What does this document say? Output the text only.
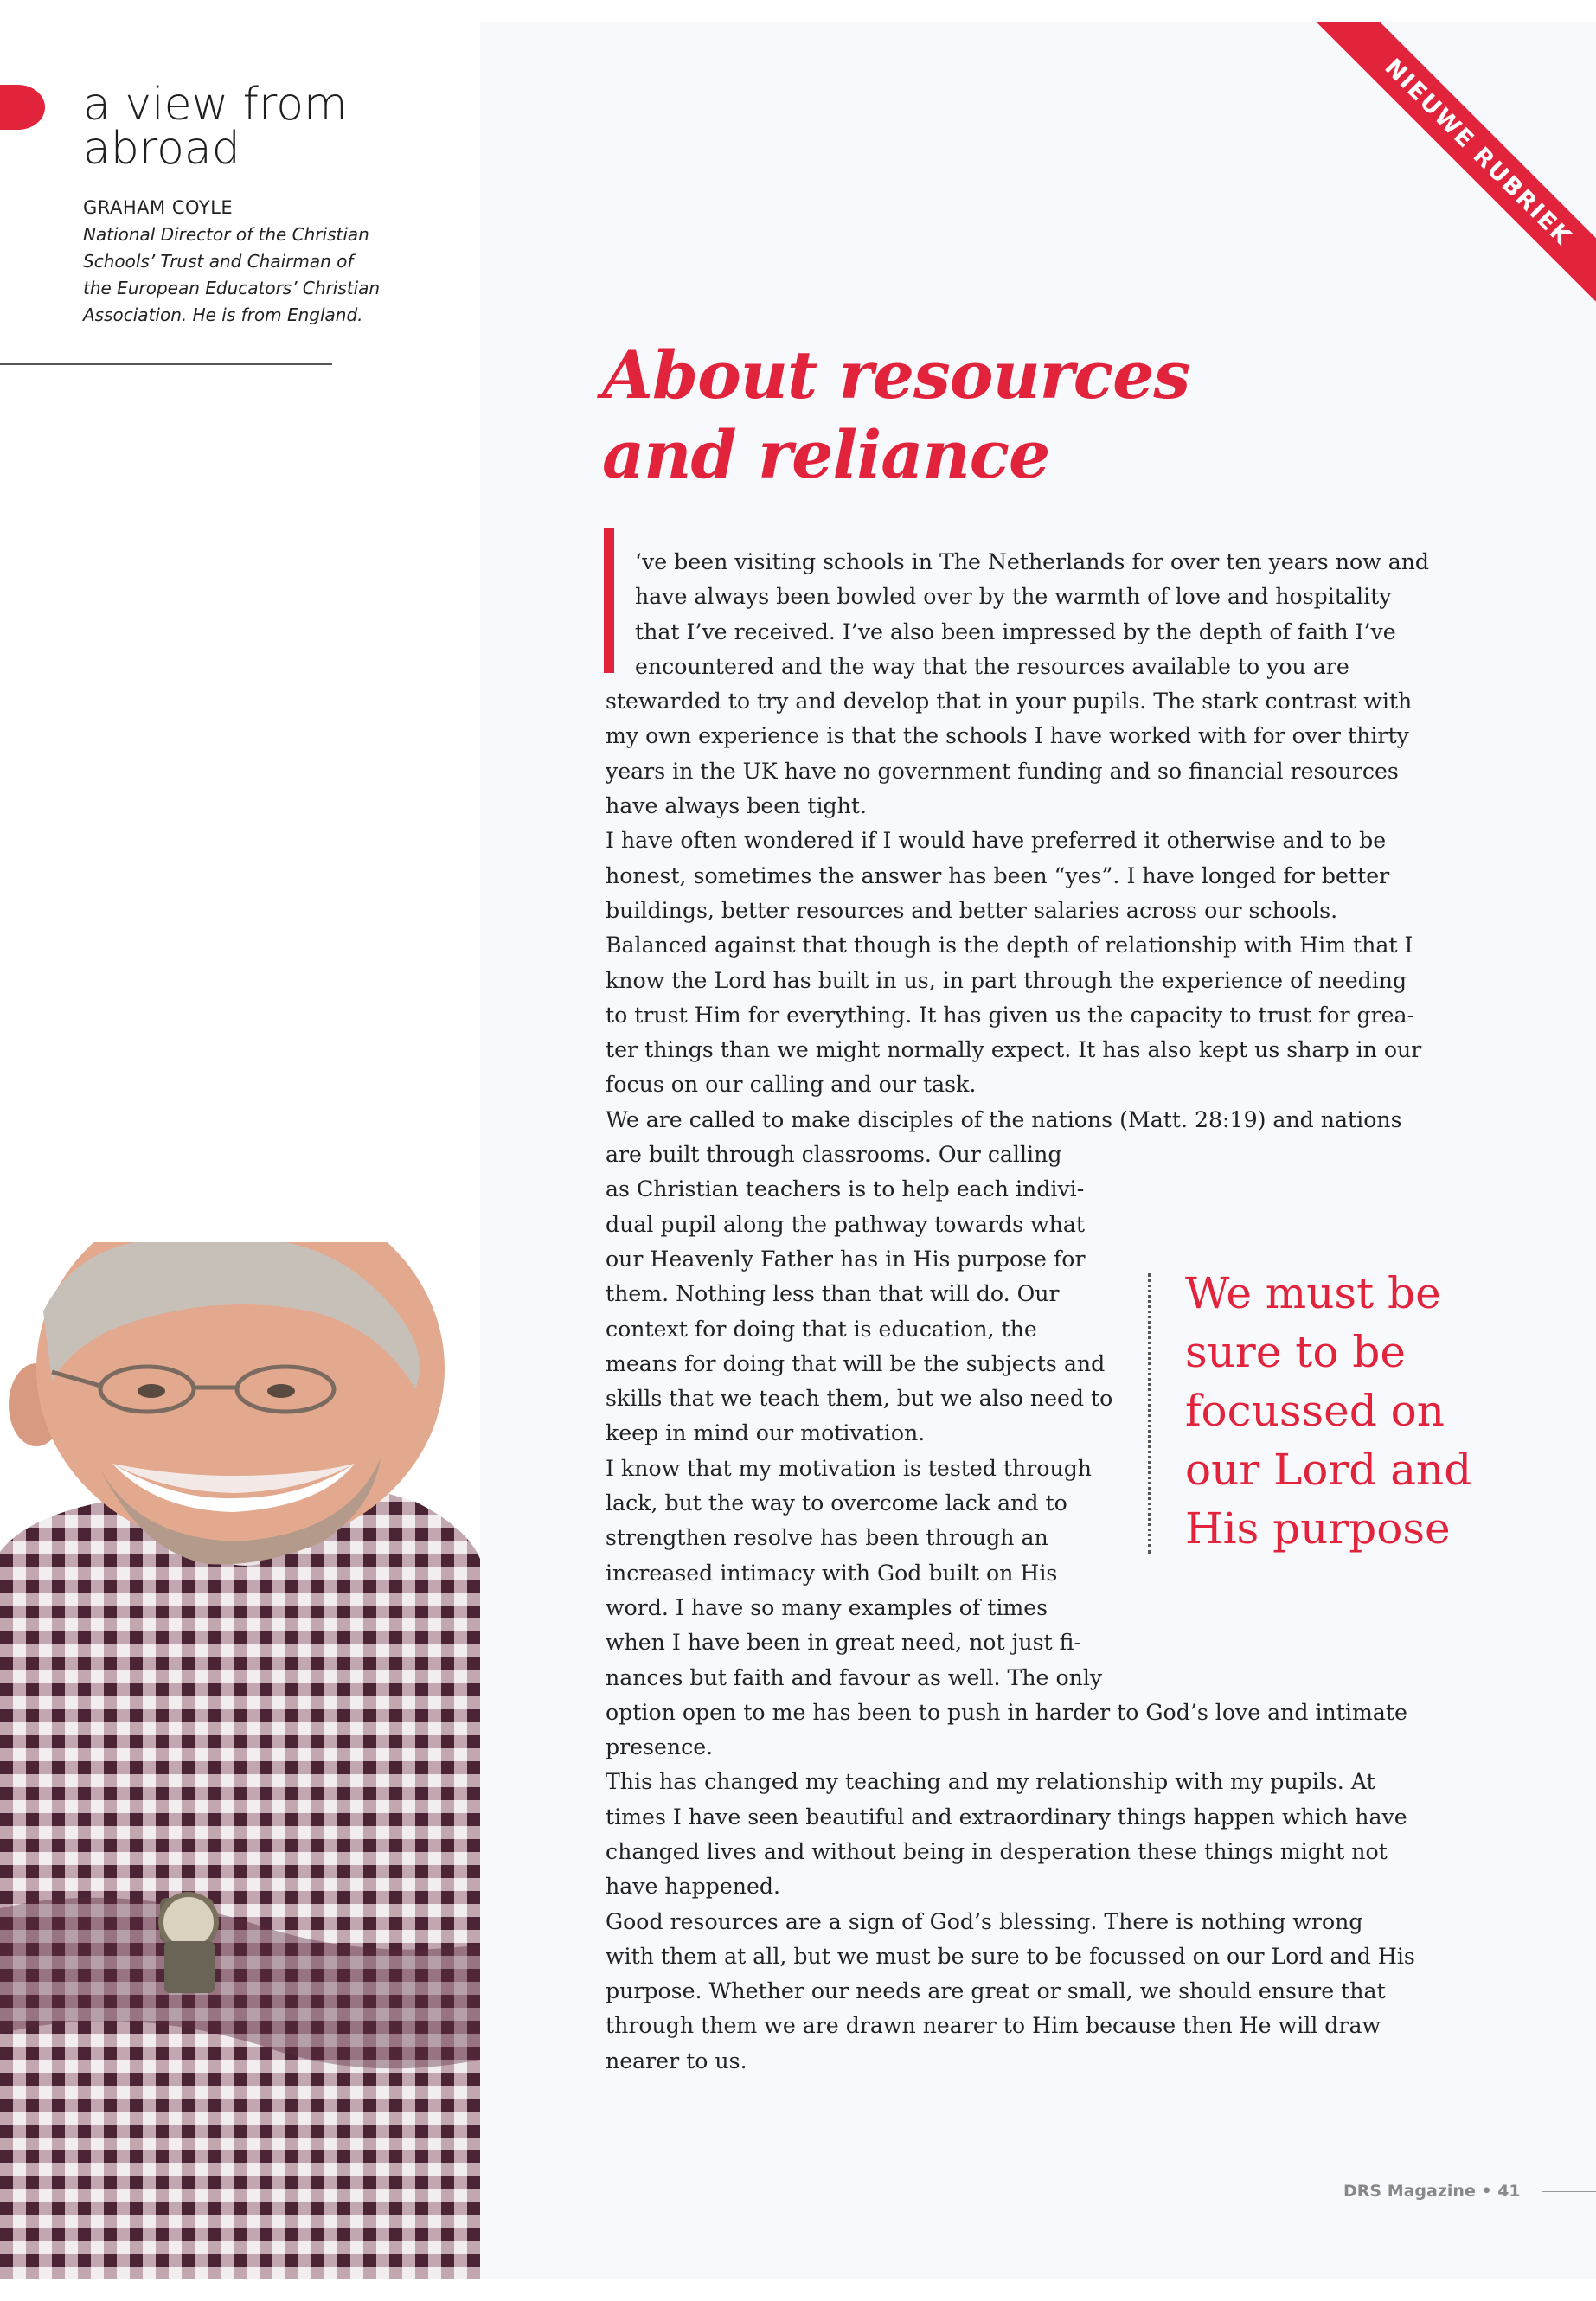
a view from
abroad
GRAHAM COYLE
National Director of the Christian
Schools’ Trust and Chairman of
the European Educators’ Christian
Association. He is from England.
NIEUWE RUBRIEK
About resources
and reliance
‘ve been visiting schools in The Netherlands for over ten years now and
have always been bowled over by the warmth of love and hospitality
that I’ve received. I’ve also been impressed by the depth of faith I’ve
encountered and the way that the resources available to you are
stewarded to try and develop that in your pupils. The stark contrast with
my own experience is that the schools I have worked with for over thirty
years in the UK have no government funding and so financial resources
have always been tight.
I have often wondered if I would have preferred it otherwise and to be
honest, sometimes the answer has been “yes”. I have longed for better
buildings, better resources and better salaries across our schools.
Balanced against that though is the depth of relationship with Him that I
know the Lord has built in us, in part through the experience of needing
to trust Him for everything. It has given us the capacity to trust for grea-
ter things than we might normally expect. It has also kept us sharp in our
focus on our calling and our task.
We are called to make disciples of the nations (Matt. 28:19) and nations
are built through classrooms. Our calling
as Christian teachers is to help each indivi-
dual pupil along the pathway towards what
our Heavenly Father has in His purpose for
them. Nothing less than that will do. Our
context for doing that is education, the
means for doing that will be the subjects and
skills that we teach them, but we also need to
keep in mind our motivation.
I know that my motivation is tested through
lack, but the way to overcome lack and to
strengthen resolve has been through an
increased intimacy with God built on His
word. I have so many examples of times
when I have been in great need, not just fi-
nances but faith and favour as well. The only
option open to me has been to push in harder to God’s love and intimate
presence.
This has changed my teaching and my relationship with my pupils. At
times I have seen beautiful and extraordinary things happen which have
changed lives and without being in desperation these things might not
have happened.
Good resources are a sign of God’s blessing. There is nothing wrong
with them at all, but we must be sure to be focussed on our Lord and His
purpose. Whether our needs are great or small, we should ensure that
through them we are drawn nearer to Him because then He will draw
nearer to us.
We must be
sure to be
focussed on
our Lord and
His purpose
DRS Magazine • 41
